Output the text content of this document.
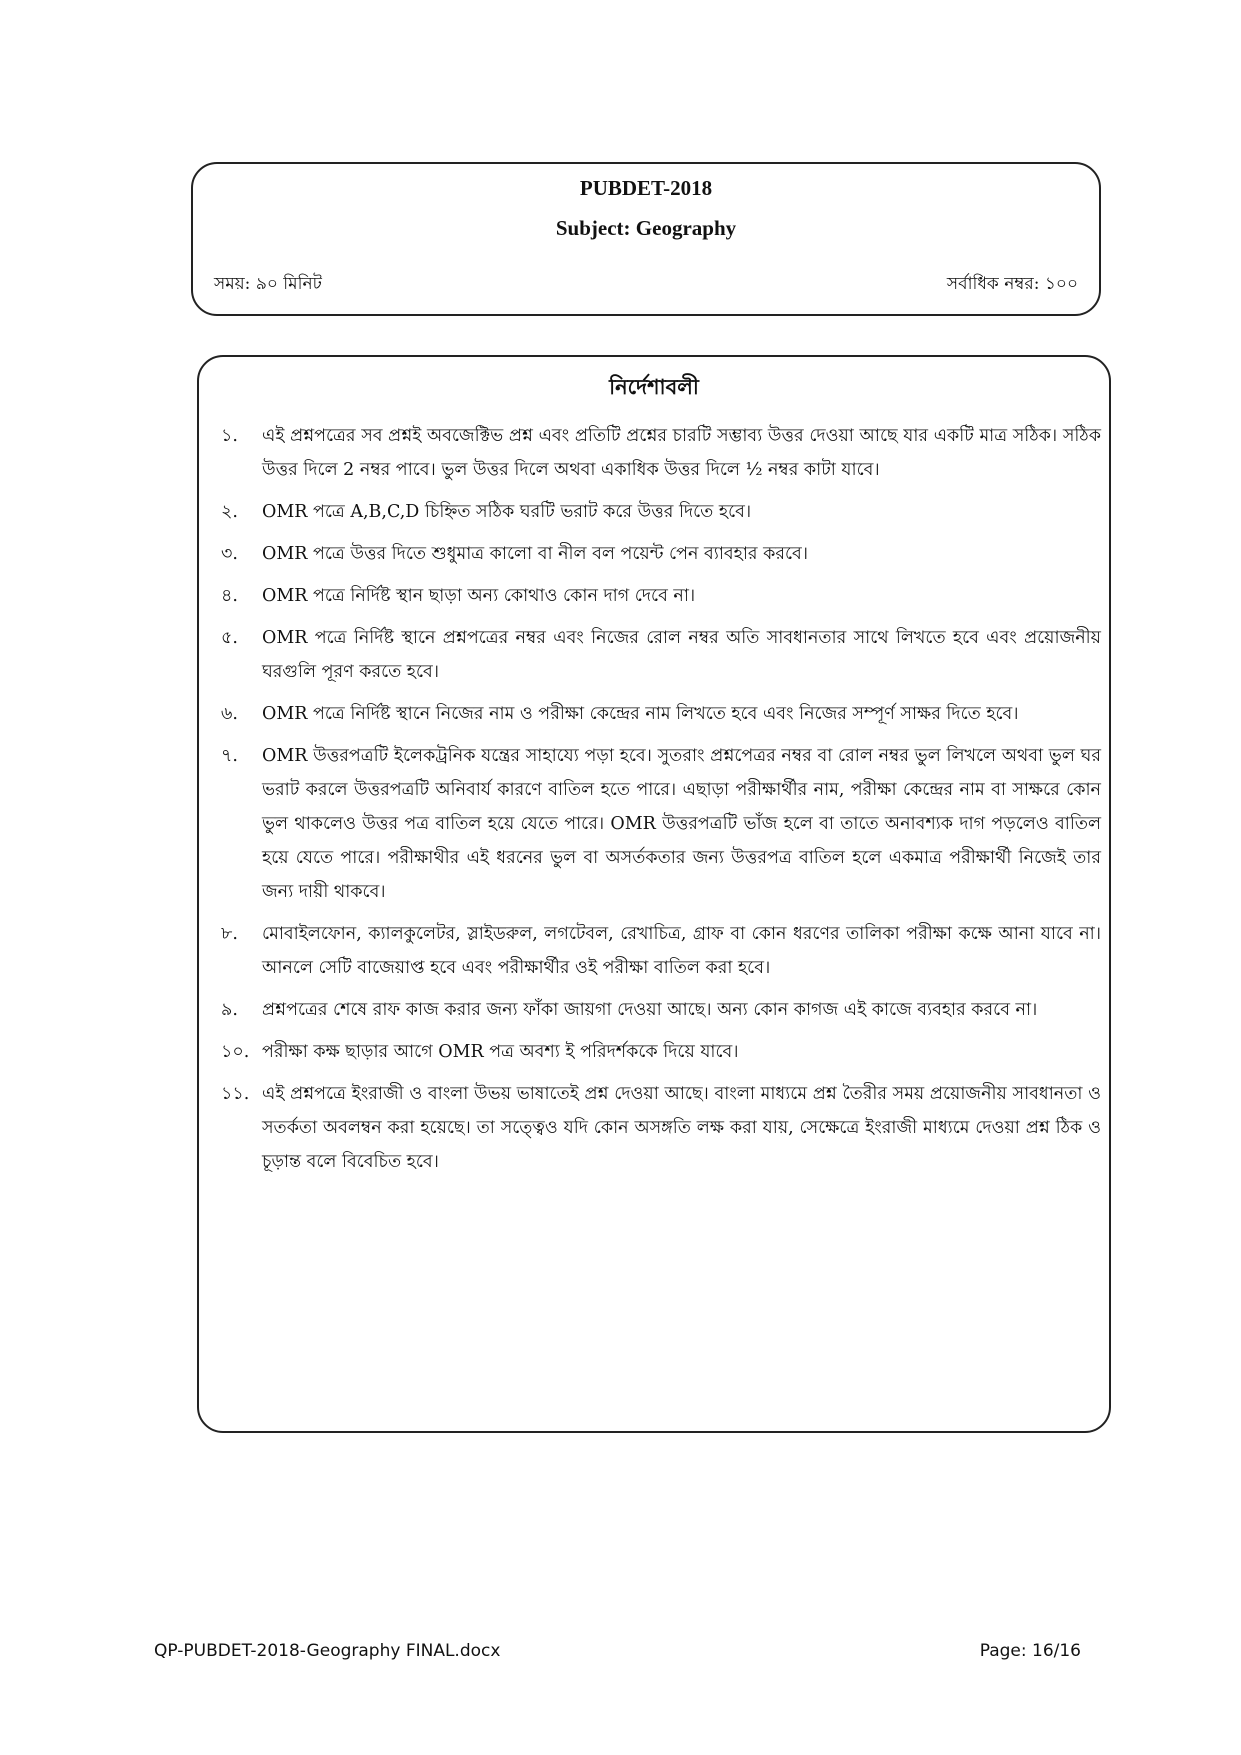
PUBDET-2018
Subject: Geography
সময়: ৯০ মিনিট	সর্বাধিক নম্বর: ১০০
নির্দেশাবলী
১.	এই প্রশ্নপত্রের সব প্রশ্নই অবজেক্টিভ প্রশ্ন এবং প্রতিটি প্রশ্নের চারটি সম্ভাব্য উত্তর দেওয়া আছে যার একটি মাত্র সঠিক। সঠিক উত্তর দিলে 2 নম্বর পাবে। ভুল উত্তর দিলে অথবা একাধিক উত্তর দিলে ½ নম্বর কাটা যাবে।
২.	OMR পত্রে A,B,C,D চিহ্নিত সঠিক ঘরটি ভরাট করে উত্তর দিতে হবে।
৩.	OMR পত্রে উত্তর দিতে শুধুমাত্র কালো বা নীল বল পয়েন্ট পেন ব্যাবহার করবে।
৪.	OMR পত্রে নির্দিষ্ট স্থান ছাড়া অন্য কোথাও কোন দাগ দেবে না।
৫.	OMR পত্রে নির্দিষ্ট স্থানে প্রশ্নপত্রের নম্বর এবং নিজের রোল নম্বর অতি সাবধানতার সাথে লিখতে হবে এবং প্রয়োজনীয় ঘরগুলি পূরণ করতে হবে।
৬.	OMR পত্রে নির্দিষ্ট স্থানে নিজের নাম ও পরীক্ষা কেন্দ্রের নাম লিখতে হবে এবং নিজের সম্পূর্ণ সাক্ষর দিতে হবে।
৭.	OMR উত্তরপত্রটি ইলেকট্রনিক যন্ত্রের সাহায্যে পড়া হবে। সুতরাং প্রশ্নপেত্রর নম্বর বা রোল নম্বর ভুল লিখলে অথবা ভুল ঘর ভরাট করলে উত্তরপত্রটি অনিবার্য কারণে বাতিল হতে পারে। এছাড়া পরীক্ষার্থীর নাম, পরীক্ষা কেন্দ্রের নাম বা সাক্ষরে কোন ভুল থাকলেও উত্তর পত্র বাতিল হয়ে যেতে পারে। OMR উত্তরপত্রটি ভাঁজ হলে বা তাতে অনাবশ্যক দাগ পড়লেও বাতিল হয়ে যেতে পারে। পরীক্ষাথীর এই ধরনের ভুল বা অসর্তকতার জন্য উত্তরপত্র বাতিল হলে একমাত্র পরীক্ষার্থী নিজেই তার জন্য দায়ী থাকবে।
৮.	মোবাইলফোন, ক্যালকুলেটর, স্লাইডরুল, লগটেবল, রেখাচিত্র, গ্রাফ বা কোন ধরণের তালিকা পরীক্ষা কক্ষে আনা যাবে না। আনলে সেটি বাজেয়াপ্ত হবে এবং পরীক্ষার্থীর ওই পরীক্ষা বাতিল করা হবে।
৯.	প্রশ্নপত্রের শেষে রাফ কাজ করার জন্য ফাঁকা জায়গা দেওয়া আছে। অন্য কোন কাগজ এই কাজে ব্যবহার করবে না।
১০. পরীক্ষা কক্ষ ছাড়ার আগে OMR পত্র অবশ্য ই পরিদর্শককে দিয়ে যাবে।
১১. এই প্রশ্নপত্রে ইংরাজী ও বাংলা উভয় ভাষাতেই প্রশ্ন দেওয়া আছে। বাংলা মাধ্যমে প্রশ্ন তৈরীর সময় প্রয়োজনীয় সাবধানতা ও সতর্কতা অবলম্বন করা হয়েছে। তা সত্ত্বেও যদি কোন অসঙ্গতি লক্ষ করা যায়, সেক্ষেত্রে ইংরাজী মাধ্যমে দেওয়া প্রশ্ন ঠিক ও চূড়ান্ত বলে বিবেচিত হবে।
QP-PUBDET-2018-Geography FINAL.docx	Page: 16/16
